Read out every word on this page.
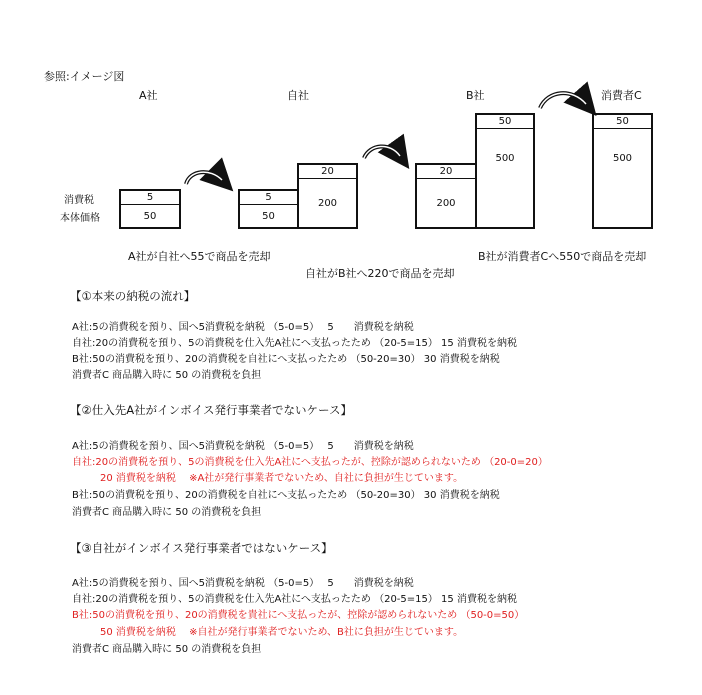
参照:イメージ図
A社	自社	B社	消費者C
消費税
本体価格
5
50
5
50
20
200
20
200
50
500
50
500
A社が自社へ55で商品を売却	B社が消費者Cへ550で商品を売却
自社がB社へ220で商品を売却
【①本来の納税の流れ】
A社:5の消費税を預り、国へ5消費税を納税 （5-0=5）　 5　　消費税を納税
自社:20の消費税を預り、5の消費税を仕入先A社にへ支払ったため （20-5=15） 15 消費税を納税
B社:50の消費税を預り、20の消費税を自社にへ支払ったため （50-20=30） 30 消費税を納税
消費者C 商品購入時に 50 の消費税を負担
【②仕入先A社がインボイス発行事業者でないケース】
A社:5の消費税を預り、国へ5消費税を納税 （5-0=5）　 5　　消費税を納税
自社:20の消費税を預り、5の消費税を仕入先A社にへ支払ったが、控除が認められないため （20-0=20）
　20 消費税を納税　 ※A社が発行事業者でないため、自社に負担が生じています。
B社:50の消費税を預り、20の消費税を自社にへ支払ったため （50-20=30） 30 消費税を納税
消費者C 商品購入時に 50 の消費税を負担
【③自社がインボイス発行事業者ではないケース】
A社:5の消費税を預り、国へ5消費税を納税 （5-0=5）　 5　　消費税を納税
自社:20の消費税を預り、5の消費税を仕入先A社にへ支払ったため （20-5=15） 15 消費税を納税
B社:50の消費税を預り、20の消費税を貴社にへ支払ったが、控除が認められないため （50-0=50）
　50 消費税を納税　 ※自社が発行事業者でないため、B社に負担が生じています。
消費者C 商品購入時に 50 の消費税を負担
